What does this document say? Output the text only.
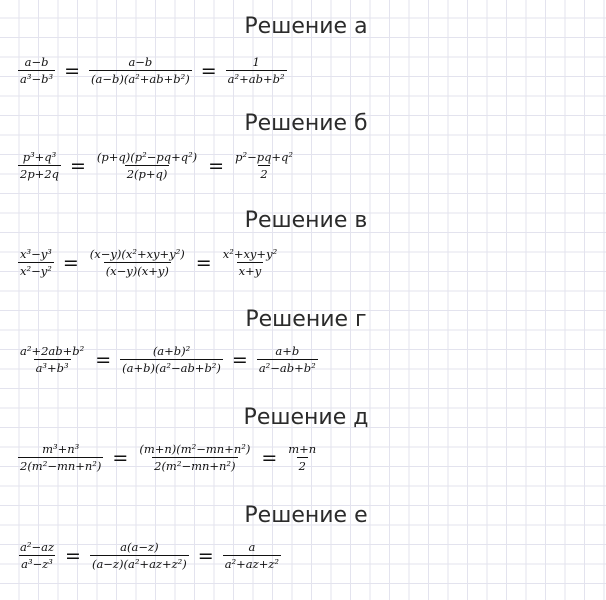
Решение а
$\frac{a-b}{\text{a³−b³}} = \frac{a-b}{\text{(a−b)(a²+ab+b²)}} = \frac{1}{\text{a²+ab+b²}}$
Решение б
$\frac{\text{p³+q³}}{2p+2q} = \frac{\text{(p+q)(p²−pq+q²)}}{2(p+q)} = \frac{\text{p²−pq+q²}}{2}$
Решение в
$\frac{\text{x³−y³}}{\text{x²−y²}} = \frac{\text{(x−y)(x²+xy+y²)}}{(x-y)(x+y)} = \frac{\text{x²+xy+y²}}{x+y}$
Решение г
$\frac{\text{a²+2ab+b²}}{\text{a³+b³}} = \frac{\text{(a+b)²}}{\text{(a+b)(a²−ab+b²)}} = \frac{a+b}{\text{a²−ab+b²}}$
Решение д
$\frac{\text{m³+n³}}{\text{2(m²−mn+n²)}} = \frac{\text{(m+n)(m²−mn+n²)}}{\text{2(m²−mn+n²)}} = \frac{m+n}{2}$
Решение е
$\frac{\text{a²−az}}{\text{a³−z³}} = \frac{a(a-z)}{\text{(a−z)(a²+az+z²)}} = \frac{a}{\text{a²+az+z²}}$
